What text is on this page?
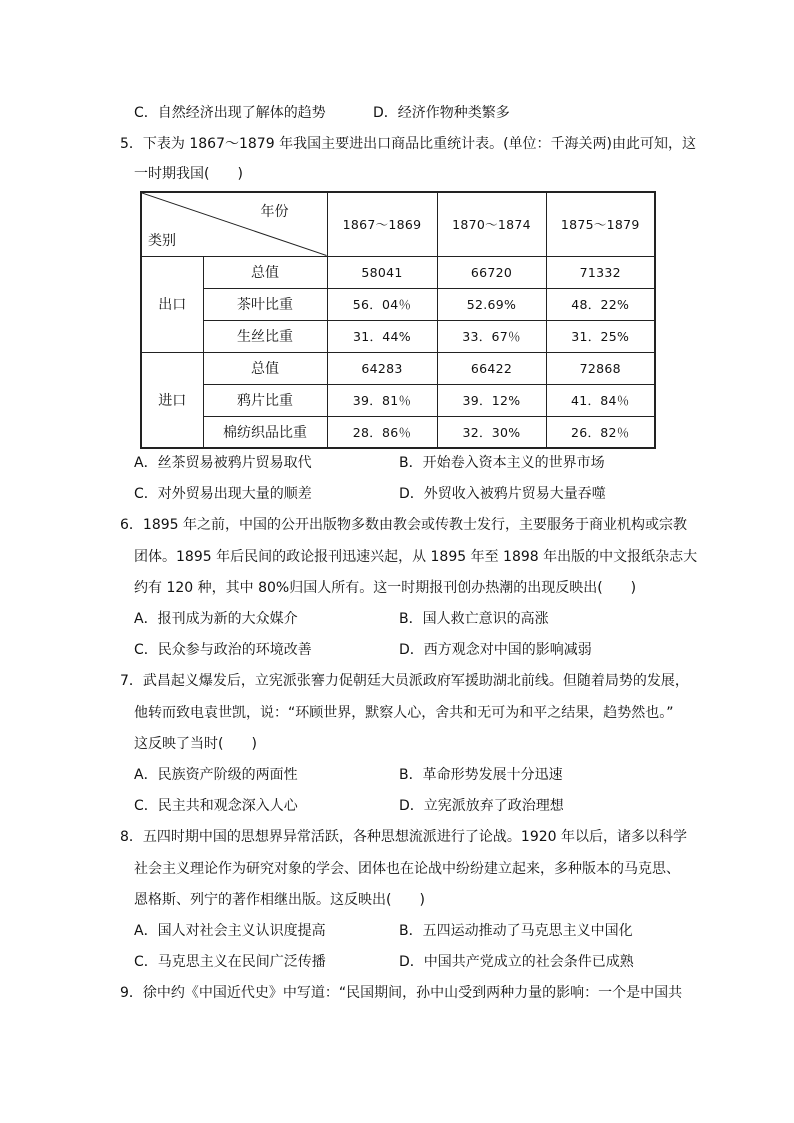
C．自然经济出现了解体的趋势	D．经济作物种类繁多
5．下表为 1867～1879 年我国主要进出口商品比重统计表。(单位：千海关两)由此可知，这
一时期我国(　　)
年份
类别		1867～1869	1870～1874	1875～1879
出口	总值	58041	66720	71332
	茶叶比重	56．04％	52.69%	48．22%
	生丝比重	31．44%	33．67％	31．25%
进口	总值	64283	66422	72868
	鸦片比重	39．81％	39．12%	41．84％
	棉纺织品比重	28．86％	32．30%	26．82％
A．丝茶贸易被鸦片贸易取代	B．开始卷入资本主义的世界市场
C．对外贸易出现大量的顺差	D．外贸收入被鸦片贸易大量吞噬
6．1895 年之前，中国的公开出版物多数由教会或传教士发行，主要服务于商业机构或宗教
团体。1895 年后民间的政论报刊迅速兴起，从 1895 年至 1898 年出版的中文报纸杂志大
约有 120 种，其中 80%归国人所有。这一时期报刊创办热潮的出现反映出(　　)
A．报刊成为新的大众媒介	B．国人救亡意识的高涨
C．民众参与政治的环境改善	D．西方观念对中国的影响减弱
7．武昌起义爆发后，立宪派张謇力促朝廷大员派政府军援助湖北前线。但随着局势的发展，
他转而致电袁世凯，说：“环顾世界，默察人心，舍共和无可为和平之结果，趋势然也。”
这反映了当时(　　)
A．民族资产阶级的两面性	B．革命形势发展十分迅速
C．民主共和观念深入人心	D．立宪派放弃了政治理想
8．五四时期中国的思想界异常活跃，各种思想流派进行了论战。1920 年以后，诸多以科学
社会主义理论作为研究对象的学会、团体也在论战中纷纷建立起来，多种版本的马克思、
恩格斯、列宁的著作相继出版。这反映出(　　)
A．国人对社会主义认识度提高	B．五四运动推动了马克思主义中国化
C．马克思主义在民间广泛传播	D．中国共产党成立的社会条件已成熟
9．徐中约《中国近代史》中写道：“民国期间，孙中山受到两种力量的影响：一个是中国共
